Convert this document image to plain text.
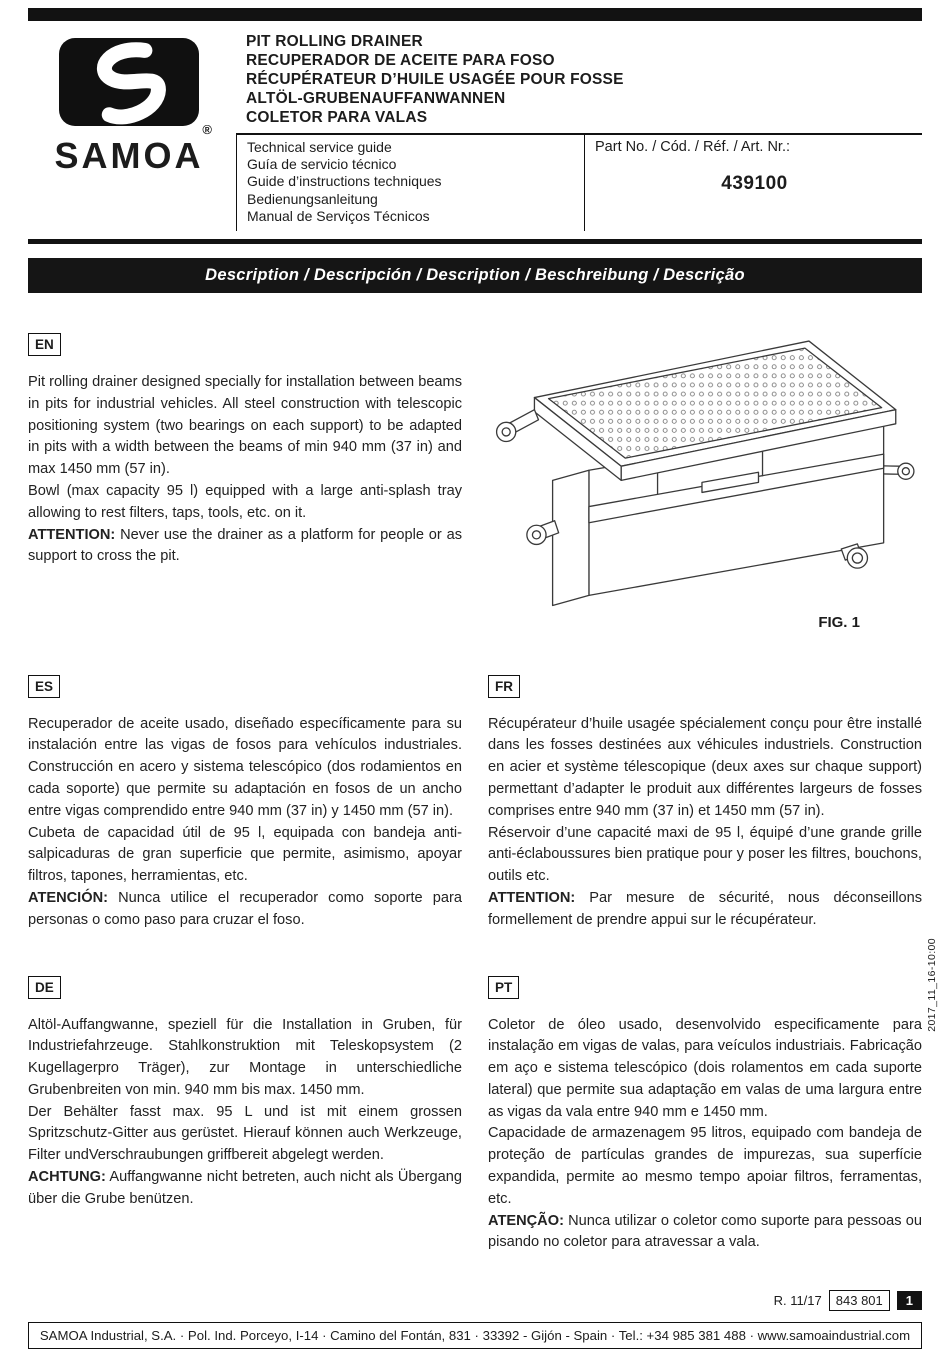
®
SAMOA
PIT ROLLING DRAINER
RECUPERADOR DE ACEITE PARA FOSO
RÉCUPÉRATEUR D’HUILE USAGÉE POUR FOSSE
ALTÖL-GRUBENAUFFANWANNEN
COLETOR PARA VALAS
Technical service guide
Guía de servicio técnico
Guide d’instructions techniques
Bedienungsanleitung
Manual de Serviços Técnicos
Part No. / Cód. / Réf. / Art. Nr.:
439100
Description / Descripción / Description / Beschreibung / Descrição
EN

Pit rolling drainer designed specially for installation between beams in pits for industrial vehicles. All steel construction with telescopic positioning system (two bearings on each support) to be adapted in pits with a width between the beams of min 940 mm (37 in) and max 1450 mm (57 in).

Bowl (max capacity 95 l) equipped with a large anti-splash tray allowing to rest filters, taps, tools, etc. on it.

ATTENTION: Never use the drainer as a platform for people or as support to cross the pit.

FIG. 1
ES

Recuperador de aceite usado, diseñado específicamente para su instalación entre las vigas de fosos para vehículos industriales. Construcción en acero y sistema telescópico (dos rodamientos en cada soporte) que permite su adaptación en fosos de un ancho entre vigas comprendido entre 940 mm (37 in) y 1450 mm (57 in).

Cubeta de capacidad útil de 95 l, equipada con bandeja anti-salpicaduras de gran superficie que permite, asimismo, apoyar filtros, tapones, herramientas, etc.

ATENCIÓN: Nunca utilice el recuperador como soporte para personas o como paso para cruzar el foso.

FR

Récupérateur d’huile usagée spécialement conçu pour être installé dans les fosses destinées aux véhicules industriels. Construction en acier et système télescopique (deux axes sur chaque support) permettant d’adapter le produit aux différentes largeurs de fosses comprises entre 940 mm (37 in) et 1450 mm (57 in).

Réservoir d’une capacité maxi de 95 l, équipé d’une grande grille anti-éclaboussures bien pratique pour y poser les filtres, bouchons, outils etc.

ATTENTION: Par mesure de sécurité, nous déconseillons formellement de prendre appui sur le récupérateur.

DE

Altöl-Auffangwanne, speziell für die Installation in Gruben, für Industriefahrzeuge. Stahlkonstruktion mit Teleskopsystem (2 Kugellagerpro Träger), zur Montage in unterschiedliche Grubenbreiten von min. 940 mm bis max. 1450 mm.

Der Behälter fasst max. 95 L und ist mit einem grossen Spritzschutz-Gitter aus gerüstet. Hierauf können auch Werkzeuge, Filter undVerschraubungen griffbereit abgelegt werden.

ACHTUNG: Auffangwanne nicht betreten, auch nicht als Übergang über die Grube benützen.

PT

Coletor de óleo usado, desenvolvido especificamente para instalação em vigas de valas, para veículos industriais. Fabricação em aço e sistema telescópico (dois rolamentos em cada suporte lateral) que permite sua adaptação em valas de uma largura entre as vigas da vala entre 940 mm e 1450 mm.

Capacidade de armazenagem 95 litros, equipado com bandeja de proteção de partículas grandes de impurezas, sua superfície expandida, permite ao mesmo tempo apoiar filtros, ferramentas, etc.

ATENÇÃO: Nunca utilizar o coletor como suporte para pessoas ou pisando no coletor para atravessar a vala.

2017_11_16-10:00
R. 11/17	843 801	1
SAMOA Industrial, S.A. · Pol. Ind. Porceyo, I-14 · Camino del Fontán, 831 · 33392 - Gijón - Spain · Tel.: +34 985 381 488 · www.samoaindustrial.com
